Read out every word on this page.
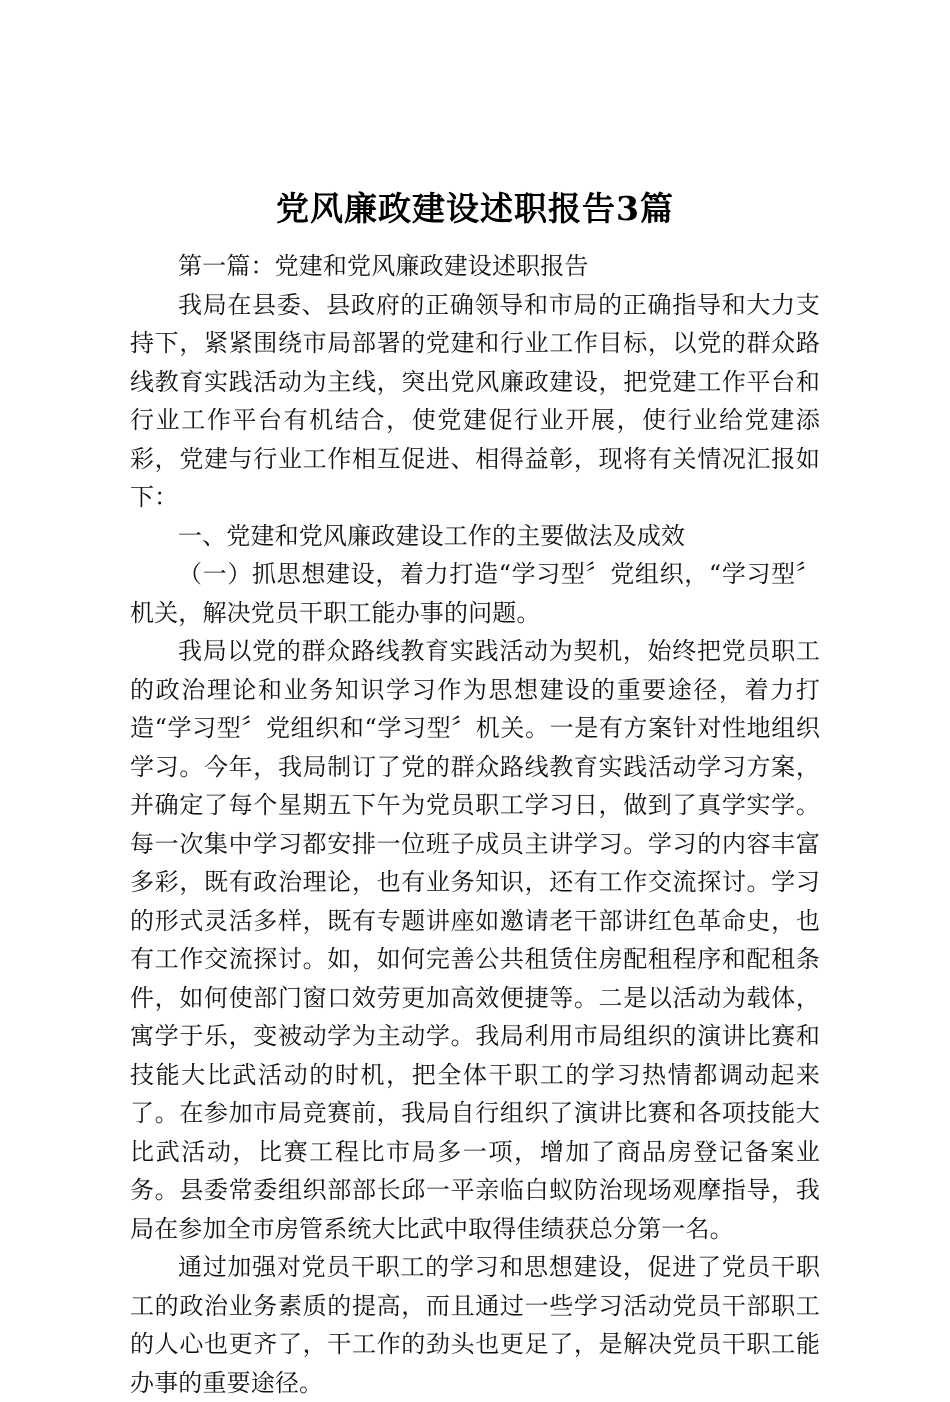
党风廉政建设述职报告3篇

第一篇：党建和党风廉政建设述职报告

我局在县委、县政府的正确领导和市局的正确指导和大力支持下，紧紧围绕市局部署的党建和行业工作目标，以党的群众路线教育实践活动为主线，突出党风廉政建设，把党建工作平台和行业工作平台有机结合，使党建促行业开展，使行业给党建添彩，党建与行业工作相互促进、相得益彰，现将有关情况汇报如下：

一、党建和党风廉政建设工作的主要做法及成效

（一）抓思想建设，着力打造“学习型〞党组织，“学习型〞机关，解决党员干职工能办事的问题。

我局以党的群众路线教育实践活动为契机，始终把党员职工的政治理论和业务知识学习作为思想建设的重要途径，着力打造“学习型〞党组织和“学习型〞机关。一是有方案针对性地组织学习。今年，我局制订了党的群众路线教育实践活动学习方案，并确定了每个星期五下午为党员职工学习日，做到了真学实学。每一次集中学习都安排一位班子成员主讲学习。学习的内容丰富多彩，既有政治理论，也有业务知识，还有工作交流探讨。学习的形式灵活多样，既有专题讲座如邀请老干部讲红色革命史，也有工作交流探讨。如，如何完善公共租赁住房配租程序和配租条件，如何使部门窗口效劳更加高效便捷等。二是以活动为载体，寓学于乐，变被动学为主动学。我局利用市局组织的演讲比赛和技能大比武活动的时机，把全体干职工的学习热情都调动起来了。在参加市局竞赛前，我局自行组织了演讲比赛和各项技能大比武活动，比赛工程比市局多一项，增加了商品房登记备案业务。县委常委组织部部长邱一平亲临白蚁防治现场观摩指导，我局在参加全市房管系统大比武中取得佳绩获总分第一名。

通过加强对党员干职工的学习和思想建设，促进了党员干职工的政治业务素质的提高，而且通过一些学习活动党员干部职工的人心也更齐了，干工作的劲头也更足了，是解决党员干职工能办事的重要途径。
